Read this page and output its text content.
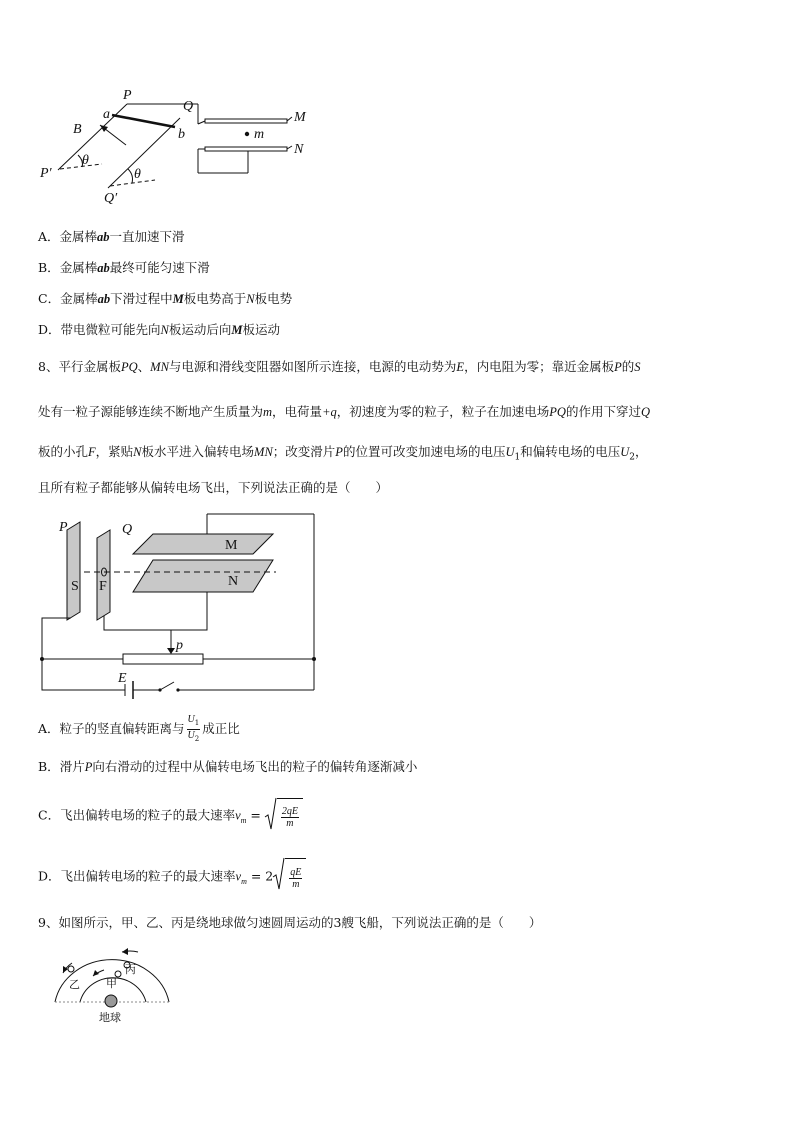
P
Q
a
b
B
M
N
m
P′
Q′
θ
θ
A．金属棒ab一直加速下滑
B．金属棒ab最终可能匀速下滑
C．金属棒ab下滑过程中M板电势高于N板电势
D．带电微粒可能先向N板运动后向M板运动
8、平行金属板PQ、MN与电源和滑线变阻器如图所示连接，电源的电动势为E，内电阻为零；靠近金属板P的S
处有一粒子源能够连续不断地产生质量为m，电荷量+q，初速度为零的粒子，粒子在加速电场PQ的作用下穿过Q
板的小孔F，紧贴N板水平进入偏转电场MN；改变滑片P的位置可改变加速电场的电压$U_1$和偏转电场的电压$U_2$，
且所有粒子都能够从偏转电场飞出，下列说法正确的是（　　）
P	Q
M
N
S F
p
E
A．粒子的竖直偏转距离与 $\frac{U_1}{U_2}$ 成正比
B．滑片P向右滑动的过程中从偏转电场飞出的粒子的偏转角逐渐减小
C．飞出偏转电场的粒子的最大速率$v_m = \frac{2qE}{m}$
D．飞出偏转电场的粒子的最大速率$v_m = 2 \frac{qE}{m}$
9、如图所示，甲、乙、丙是绕地球做匀速圆周运动的3艘飞船，下列说法正确的是（　　）
乙 甲
丙
地球
